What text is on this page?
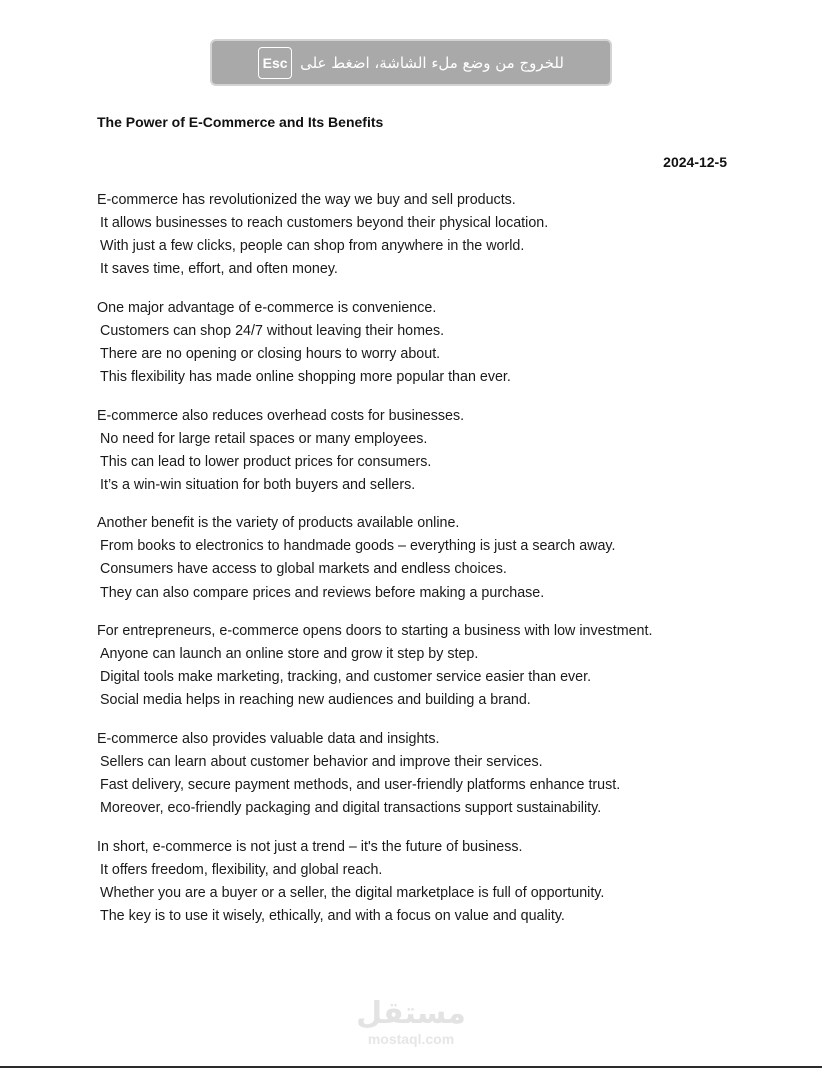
للخروج من وضع ملء الشاشة، اضغط على
Esc
The Power of E-Commerce and Its Benefits
2024-12-5
E-commerce has revolutionized the way we buy and sell products.
It allows businesses to reach customers beyond their physical location.
With just a few clicks, people can shop from anywhere in the world.
It saves time, effort, and often money.
One major advantage of e-commerce is convenience.
Customers can shop 24/7 without leaving their homes.
There are no opening or closing hours to worry about.
This flexibility has made online shopping more popular than ever.
E-commerce also reduces overhead costs for businesses.
No need for large retail spaces or many employees.
This can lead to lower product prices for consumers.
It’s a win-win situation for both buyers and sellers.
Another benefit is the variety of products available online.
From books to electronics to handmade goods – everything is just a search away.
Consumers have access to global markets and endless choices.
They can also compare prices and reviews before making a purchase.
For entrepreneurs, e-commerce opens doors to starting a business with low investment.
Anyone can launch an online store and grow it step by step.
Digital tools make marketing, tracking, and customer service easier than ever.
Social media helps in reaching new audiences and building a brand.
E-commerce also provides valuable data and insights.
Sellers can learn about customer behavior and improve their services.
Fast delivery, secure payment methods, and user-friendly platforms enhance trust.
Moreover, eco-friendly packaging and digital transactions support sustainability.
In short, e-commerce is not just a trend – it's the future of business.
It offers freedom, flexibility, and global reach.
Whether you are a buyer or a seller, the digital marketplace is full of opportunity.
The key is to use it wisely, ethically, and with a focus on value and quality.
مستقل
mostaql.com
